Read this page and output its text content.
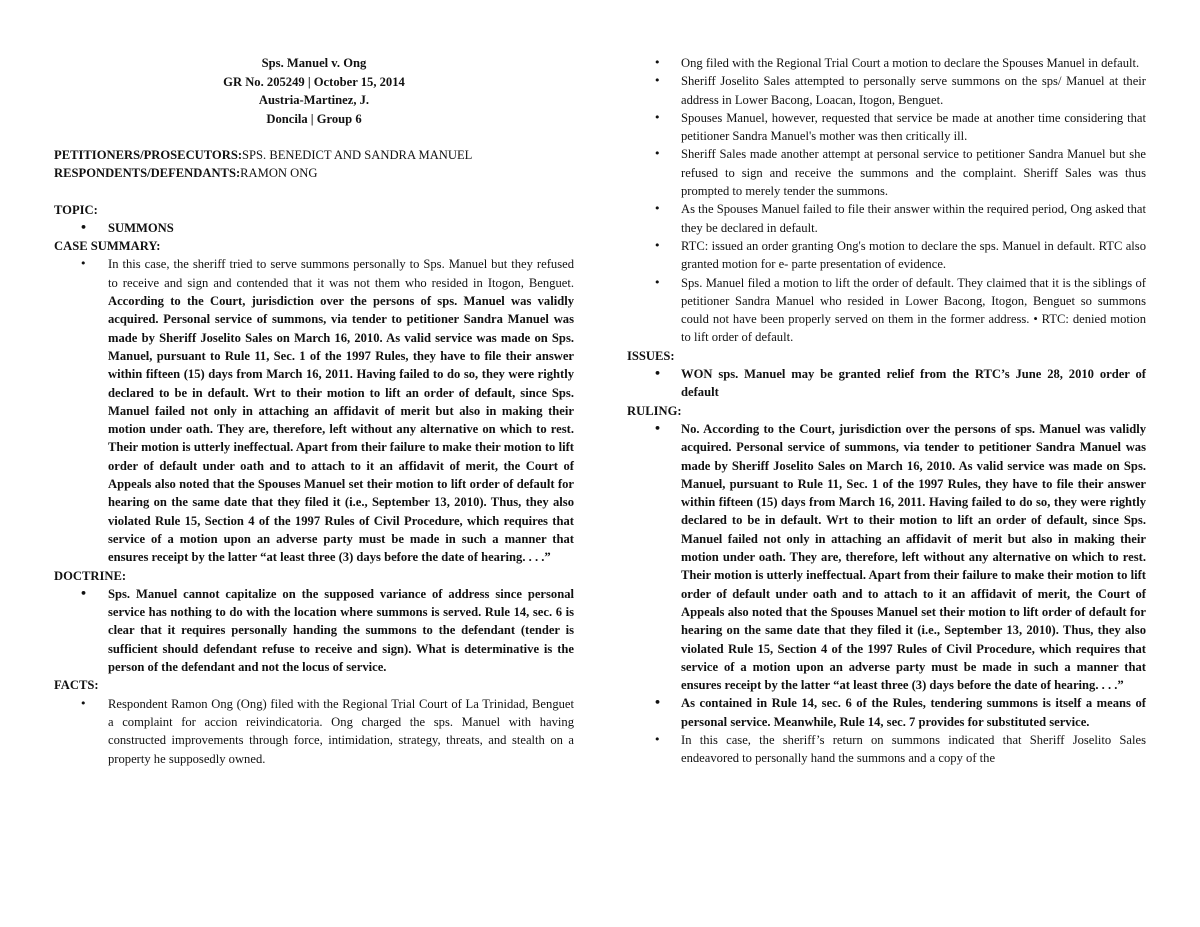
Sps. Manuel v. Ong
GR No. 205249 | October 15, 2014
Austria-Martinez, J.
Doncila | Group 6
PETITIONERS/PROSECUTORS:SPS. BENEDICT AND SANDRA MANUEL
RESPONDENTS/DEFENDANTS:RAMON ONG
TOPIC:
• SUMMONS
CASE SUMMARY:
• In this case, the sheriff tried to serve summons personally to Sps. Manuel but they refused to receive and sign and contended that it was not them who resided in Itogon, Benguet. According to the Court, jurisdiction over the persons of sps. Manuel was validly acquired. Personal service of summons, via tender to petitioner Sandra Manuel was made by Sheriff Joselito Sales on March 16, 2010. As valid service was made on Sps. Manuel, pursuant to Rule 11, Sec. 1 of the 1997 Rules, they have to file their answer within fifteen (15) days from March 16, 2011. Having failed to do so, they were rightly declared to be in default. Wrt to their motion to lift an order of default, since Sps. Manuel failed not only in attaching an affidavit of merit but also in making their motion under oath. They are, therefore, left without any alternative on which to rest. Their motion is utterly ineffectual. Apart from their failure to make their motion to lift order of default under oath and to attach to it an affidavit of merit, the Court of Appeals also noted that the Spouses Manuel set their motion to lift order of default for hearing on the same date that they filed it (i.e., September 13, 2010). Thus, they also violated Rule 15, Section 4 of the 1997 Rules of Civil Procedure, which requires that service of a motion upon an adverse party must be made in such a manner that ensures receipt by the latter “at least three (3) days before the date of hearing. . . .”
DOCTRINE:
• Sps. Manuel cannot capitalize on the supposed variance of address since personal service has nothing to do with the location where summons is served. Rule 14, sec. 6 is clear that it requires personally handing the summons to the defendant (tender is sufficient should defendant refuse to receive and sign). What is determinative is the person of the defendant and not the locus of service.
FACTS:
• Respondent Ramon Ong (Ong) filed with the Regional Trial Court of La Trinidad, Benguet a complaint for accion reivindicatoria. Ong charged the sps. Manuel with having constructed improvements through force, intimidation, strategy, threats, and stealth on a property he supposedly owned.
• Ong filed with the Regional Trial Court a motion to declare the Spouses Manuel in default.
• Sheriff Joselito Sales attempted to personally serve summons on the sps/ Manuel at their address in Lower Bacong, Loacan, Itogon, Benguet.
• Spouses Manuel, however, requested that service be made at another time considering that petitioner Sandra Manuel's mother was then critically ill.
• Sheriff Sales made another attempt at personal service to petitioner Sandra Manuel but she refused to sign and receive the summons and the complaint. Sheriff Sales was thus prompted to merely tender the summons.
• As the Spouses Manuel failed to file their answer within the required period, Ong asked that they be declared in default.
• RTC: issued an order granting Ong's motion to declare the sps. Manuel in default. RTC also granted motion for e- parte presentation of evidence.
• Sps. Manuel filed a motion to lift the order of default. They claimed that it is the siblings of petitioner Sandra Manuel who resided in Lower Bacong, Itogon, Benguet so summons could not have been properly served on them in the former address. • RTC: denied motion to lift order of default.
ISSUES:
• WON sps. Manuel may be granted relief from the RTC’s June 28, 2010 order of default
RULING:
• No. According to the Court, jurisdiction over the persons of sps. Manuel was validly acquired. Personal service of summons, via tender to petitioner Sandra Manuel was made by Sheriff Joselito Sales on March 16, 2010. As valid service was made on Sps. Manuel, pursuant to Rule 11, Sec. 1 of the 1997 Rules, they have to file their answer within fifteen (15) days from March 16, 2011. Having failed to do so, they were rightly declared to be in default. Wrt to their motion to lift an order of default, since Sps. Manuel failed not only in attaching an affidavit of merit but also in making their motion under oath. They are, therefore, left without any alternative on which to rest. Their motion is utterly ineffectual. Apart from their failure to make their motion to lift order of default under oath and to attach to it an affidavit of merit, the Court of Appeals also noted that the Spouses Manuel set their motion to lift order of default for hearing on the same date that they filed it (i.e., September 13, 2010). Thus, they also violated Rule 15, Section 4 of the 1997 Rules of Civil Procedure, which requires that service of a motion upon an adverse party must be made in such a manner that ensures receipt by the latter “at least three (3) days before the date of hearing. . . .”
• As contained in Rule 14, sec. 6 of the Rules, tendering summons is itself a means of personal service. Meanwhile, Rule 14, sec. 7 provides for substituted service.
• In this case, the sheriff’s return on summons indicated that Sheriff Joselito Sales endeavored to personally hand the summons and a copy of the
